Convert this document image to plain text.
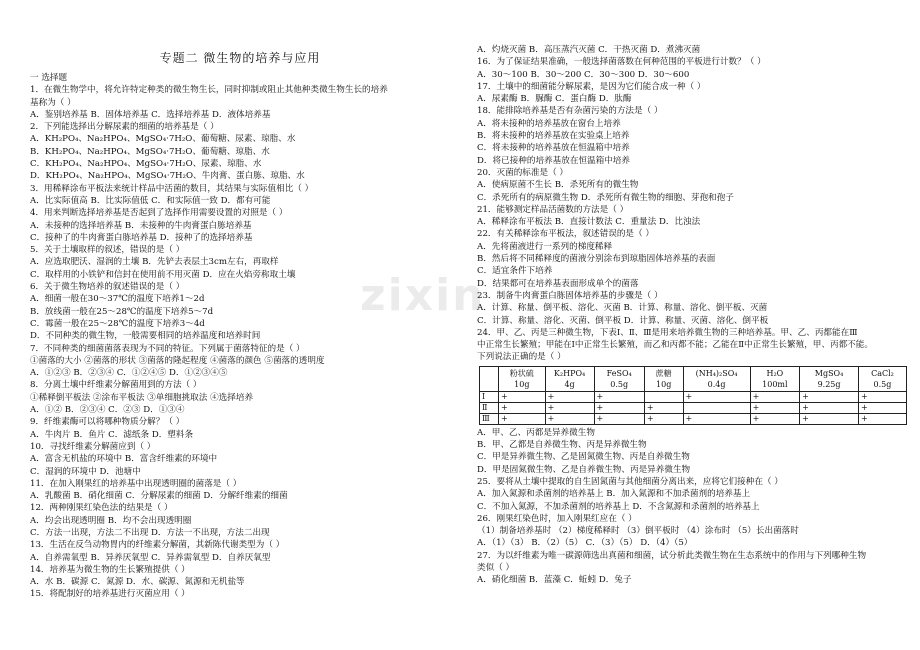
专题二 微生物的培养与应用
一 选择题
1．在微生物学中，将允许特定种类的微生物生长，同时抑制或阻止其他种类微生物生长的培养
基称为（ ）
A．鉴别培养基 B．固体培养基 C．选择培养基 D．液体培养基
2．下列能选择出分解尿素的细菌的培养基是（ ）
A．KH₂PO₄、Na₂HPO₄、MgSO₄·7H₂O、葡萄糖、尿素、琼脂、水
B．KH₂PO₄、Na₂HPO₄、MgSO₄·7H₂O、葡萄糖、琼脂、水
C．KH₂PO₄、Na₂HPO₄、MgSO₄·7H₂O、尿素、琼脂、水
D．KH₂PO₄、Na₂HPO₄、MgSO₄·7H₂O、牛肉膏、蛋白胨、琼脂、水
3．用稀释涂布平板法来统计样品中活菌的数目，其结果与实际值相比（ ）
A．比实际值高 B．比实际值低 C．和实际值一致 D．都有可能
4．用来判断选择培养基是否起到了选择作用需要设置的对照是（ ）
A．未接种的选择培养基 B．未接种的牛肉膏蛋白胨培养基
C．接种了的牛肉膏蛋白胨培养基 D．接种了的选择培养基
5．关于土壤取样的叙述，错误的是（ ）
A．应选取肥沃、湿润的土壤 B．先铲去表层土3cm左右，再取样
C．取样用的小铁铲和信封在使用前不用灭菌 D．应在火焰旁称取土壤
6．关于微生物培养的叙述错误的是（ ）
A．细菌一般在30～37℃的温度下培养1～2d
B．放线菌一般在25～28℃的温度下培养5～7d
C．霉菌一般在25～28℃的温度下培养3～4d
D．不同种类的微生物，一般需要相同的培养温度和培养时间
7．不同种类的细菌菌落表现为不同的特征。下列属于菌落特征的是（ ）
①菌落的大小 ②菌落的形状 ③菌落的隆起程度 ④菌落的颜色 ⑤菌落的透明度
A．①②③ B．②③④ C．①②④⑤ D．①②③④⑤
8．分离土壤中纤维素分解菌用到的方法（ ）
①稀释倒平板法 ②涂布平板法 ③单细胞挑取法 ④选择培养
A．①② B．②③④ C．②③ D．①③④
9．纤维素酶可以将哪种物质分解？（ ）
A．牛肉片 B．鱼片 C．滤纸条 D．塑料条
10．寻找纤维素分解菌应到（ ）
A．富含无机盐的环境中 B．富含纤维素的环境中
C．湿润的环境中 D．池塘中
11．在加入刚果红的培养基中出现透明圈的菌落是（ ）
A．乳酸菌 B．硝化细菌 C．分解尿素的细菌 D．分解纤维素的细菌
12．两种刚果红染色法的结果是（ ）
A．均会出现透明圈 B．均不会出现透明圈
C．方法一出现，方法二不出现 D．方法一不出现，方法二出现
13．生活在反刍动物胃内的纤维素分解菌，其新陈代谢类型为（ ）
A．自养需氧型 B．异养厌氧型 C．异养需氧型 D．自养厌氧型
14．培养基为微生物的生长繁殖提供（ ）
A．水 B．碳源 C．氮源 D．水、碳源、氮源和无机盐等
15．将配制好的培养基进行灭菌应用（ ）
A．灼烧灭菌 B．高压蒸汽灭菌 C．干热灭菌 D．煮沸灭菌
16．为了保证结果准确，一般选择菌落数在何种范围的平板进行计数？（ ）
A．30～100 B．30～200 C．30～300 D．30～600
17．土壤中的细菌能分解尿素，是因为它们能合成一种（ ）
A．尿素酶 B．脲酶 C．蛋白酶 D．肽酶
18．能排除培养基是否有杂菌污染的方法是（ ）
A．将未接种的培养基放在窗台上培养
B．将未接种的培养基放在实验桌上培养
C．将未接种的培养基放在恒温箱中培养
D．将已接种的培养基放在恒温箱中培养
20．灭菌的标准是（ ）
A．使病原菌不生长 B．杀死所有的微生物
C．杀死所有的病原微生物 D．杀死所有微生物的细胞、芽孢和孢子
21．能够测定样品活菌数的方法是（ ）
A．稀释涂布平板法 B．直接计数法 C．重量法 D．比浊法
22．有关稀释涂布平板法，叙述错误的是（ ）
A．先将菌液进行一系列的梯度稀释
B．然后将不同稀释度的菌液分别涂布到琼脂固体培养基的表面
C．适宜条件下培养
D．结果都可在培养基表面形成单个的菌落
23．制备牛肉膏蛋白胨固体培养基的步骤是（ ）
A．计算、称量、倒平板、溶化、灭菌 B．计算、称量、溶化、倒平板、灭菌
C．计算、称量、溶化、灭菌、倒平板 D．计算、称量、灭菌、溶化、倒平板
24．甲、乙、丙是三种微生物，下表Ⅰ、Ⅱ、Ⅲ是用来培养微生物的三种培养基。甲、乙、丙都能在Ⅲ
中正常生长繁殖；甲能在Ⅰ中正常生长繁殖，而乙和丙都不能；乙能在Ⅱ中正常生长繁殖，甲、丙都不能。
下列说法正确的是（ ）
	粉状硫 10g	K₂HPO₄ 4g	FeSO₄ 0.5g	蔗糖 10g	(NH₄)₂SO₄ 0.4g	H₂O 100ml	MgSO₄ 9.25g	CaCl₂ 0.5g
Ⅰ	+	+	+		+	+	+	+
Ⅱ	+	+	+	+		+	+	+
Ⅲ	+	+	+	+	+	+	+	+
A．甲、乙、丙都是异养微生物
B．甲、乙都是自养微生物、丙是异养微生物
C．甲是异养微生物、乙是固氮微生物、丙是自养微生物
D．甲是固氮微生物、乙是自养微生物、丙是异养微生物
25．要将从土壤中提取的自生固氮菌与其他细菌分离出来，应将它们接种在（ ）
A．加入氮源和杀菌剂的培养基上 B．加入氮源和不加杀菌剂的培养基上
C．不加入氮源，不加杀菌剂的培养基上 D．不含氮源和杀菌剂的培养基上
26．刚果红染色时，加入刚果红应在（ ）
（1）制备培养基时 （2）梯度稀释时 （3）倒平板时 （4）涂布时 （5）长出菌落时
A．（1）（3） B．（2）（5） C．（3）（5） D．（4）（5）
27．为以纤维素为唯一碳源筛选出真菌和细菌，试分析此类微生物在生态系统中的作用与下列哪种生物
类似（ ）
A．硝化细菌 B．蓝藻 C．蚯蚓 D．兔子
zixin
